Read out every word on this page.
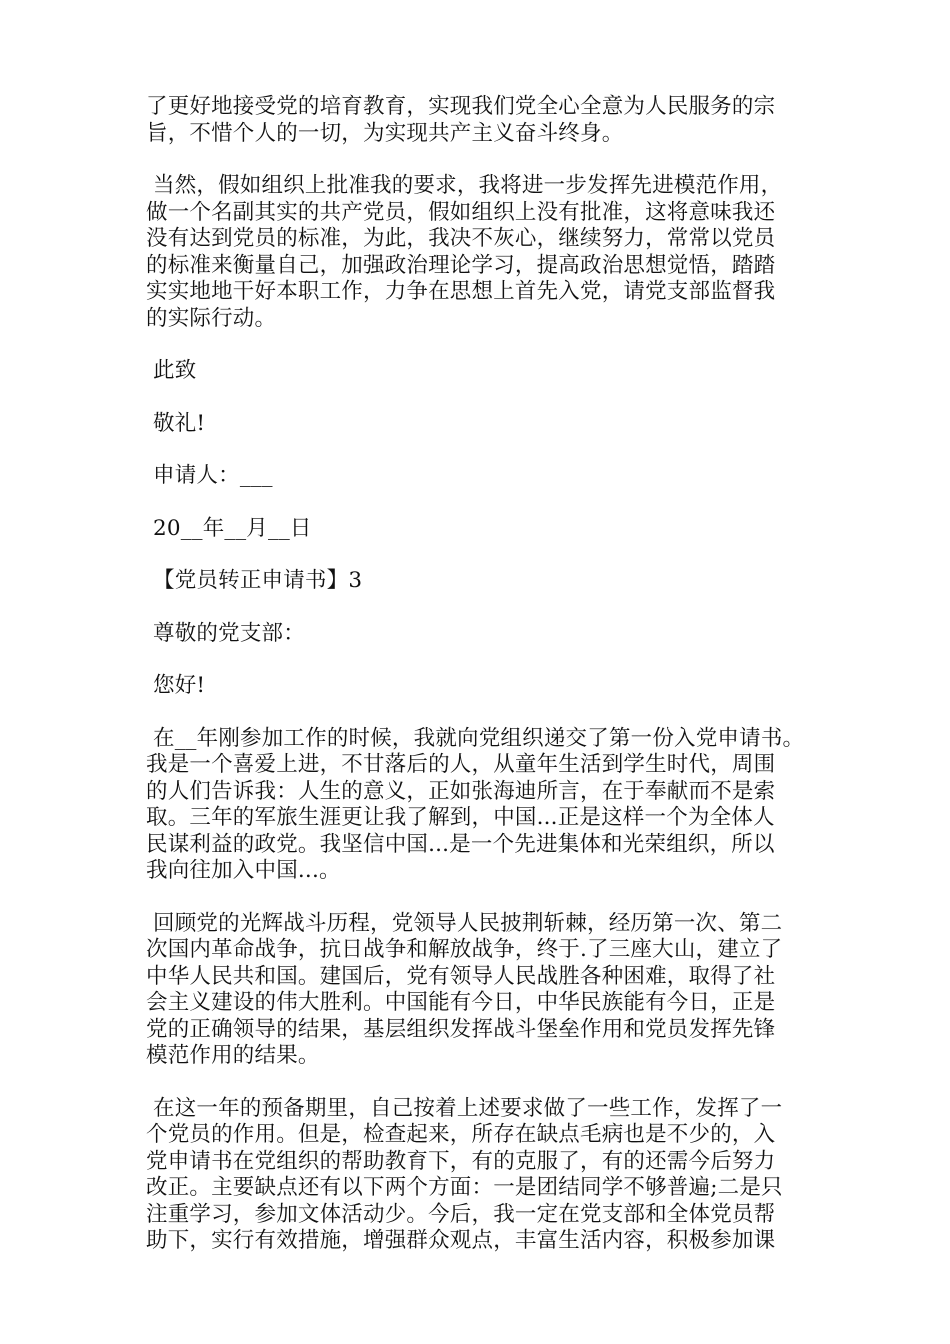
了更好地接受党的培育教育，实现我们党全心全意为人民服务的宗
旨，不惜个人的一切，为实现共产主义奋斗终身。
当然，假如组织上批准我的要求，我将进一步发挥先进模范作用，
做一个名副其实的共产党员，假如组织上没有批准，这将意味我还
没有达到党员的标准，为此，我决不灰心，继续努力，常常以党员
的标准来衡量自己，加强政治理论学习，提高政治思想觉悟，踏踏
实实地地干好本职工作，力争在思想上首先入党，请党支部监督我
的实际行动。
此致
敬礼!
申请人：___
20__年__月__日
【党员转正申请书】3
尊敬的党支部：
您好!
在__年刚参加工作的时候，我就向党组织递交了第一份入党申请书。
我是一个喜爱上进，不甘落后的人，从童年生活到学生时代，周围
的人们告诉我：人生的意义，正如张海迪所言，在于奉献而不是索
取。三年的军旅生涯更让我了解到，中国...正是这样一个为全体人
民谋利益的政党。我坚信中国...是一个先进集体和光荣组织，所以
我向往加入中国...。
回顾党的光辉战斗历程，党领导人民披荆斩棘，经历第一次、第二
次国内革命战争，抗日战争和解放战争，终于.了三座大山，建立了
中华人民共和国。建国后，党有领导人民战胜各种困难，取得了社
会主义建设的伟大胜利。中国能有今日，中华民族能有今日，正是
党的正确领导的结果，基层组织发挥战斗堡垒作用和党员发挥先锋
模范作用的结果。
在这一年的预备期里，自己按着上述要求做了一些工作，发挥了一
个党员的作用。但是，检查起来，所存在缺点毛病也是不少的，入
党申请书在党组织的帮助教育下，有的克服了，有的还需今后努力
改正。主要缺点还有以下两个方面：一是团结同学不够普遍;二是只
注重学习，参加文体活动少。今后，我一定在党支部和全体党员帮
助下，实行有效措施，增强群众观点，丰富生活内容，积极参加课
